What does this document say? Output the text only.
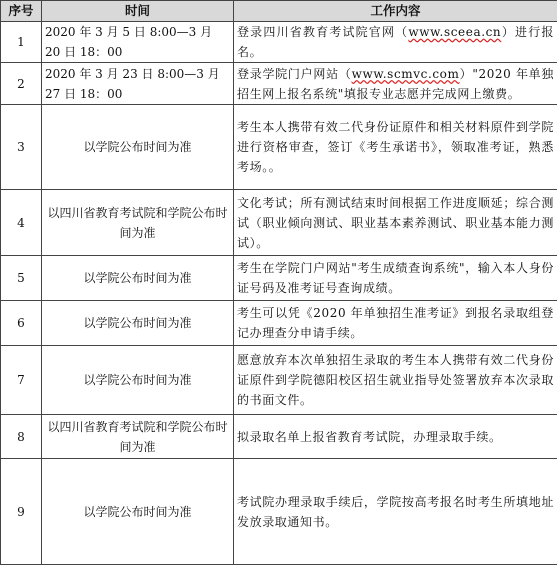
序号	时间	工作内容
1	2020 年 3 月 5 日 8:00—3 月 20 日 18：00	登录四川省教育考试院官网（www.sceea.cn）进行报名。
2	2020 年 3 月 23 日 8:00—3 月 27 日 18：00	登录学院门户网站（www.scmvc.com）"2020 年单独招生网上报名系统"填报专业志愿并完成网上缴费。
3	以学院公布时间为准	考生本人携带有效二代身份证原件和相关材料原件到学院进行资格审查，签订《考生承诺书》，领取准考证，熟悉考场。。
4	以四川省教育考试院和学院公布时间为准	文化考试；所有测试结束时间根据工作进度顺延；综合测试（职业倾向测试、职业基本素养测试、职业基本能力测试）。
5	以学院公布时间为准	考生在学院门户网站"考生成绩查询系统"，输入本人身份证号码及准考证号查询成绩。
6	以学院公布时间为准	考生可以凭《2020 年单独招生准考证》到报名录取组登记办理查分申请手续。
7	以学院公布时间为准	愿意放弃本次单独招生录取的考生本人携带有效二代身份证原件到学院德阳校区招生就业指导处签署放弃本次录取的书面文件。
8	以四川省教育考试院和学院公布时间为准	拟录取名单上报省教育考试院，办理录取手续。
9	以学院公布时间为准	考试院办理录取手续后，学院按高考报名时考生所填地址发放录取通知书。
